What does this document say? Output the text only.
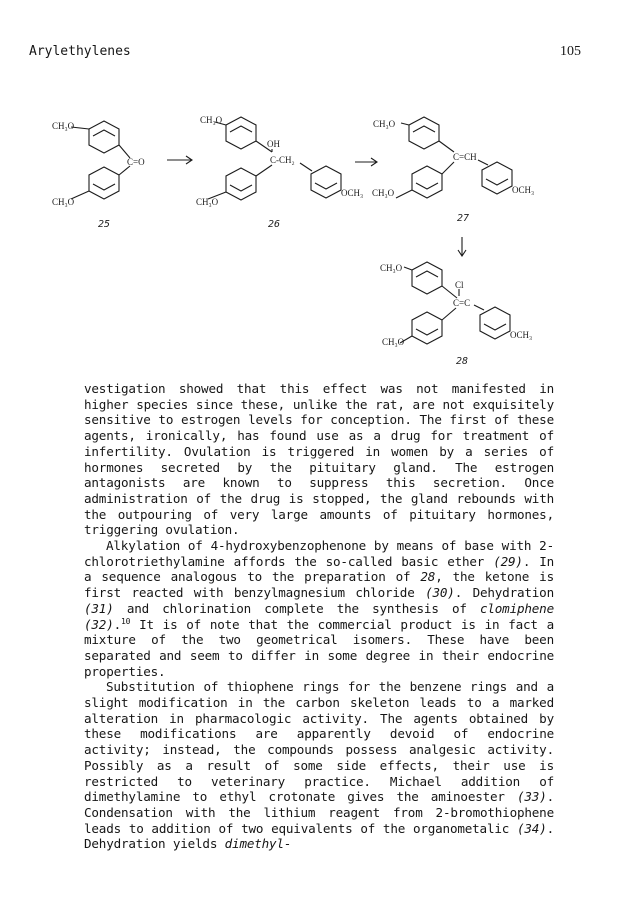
Arylethylenes	105
CH₃O
C=O
CH₃O
25
CH₃O
OH
C-CH₂
CH₃O
OCH₃
26
CH₃O
C=CH
CH₃O	OCH₃
27
CH₃O
Cl
C=C
CH₃O
OCH₃
28

vestigation showed that this effect was not manifested in higher species since these, unlike the rat, are not exquisitely sensitive to estrogen levels for conception. The first of these agents, ironically, has found use as a drug for treatment of infertility. Ovulation is triggered in women by a series of hormones secreted by the pituitary gland. The estrogen antagonists are known to suppress this secretion. Once administration of the drug is stopped, the gland rebounds with the outpouring of very large amounts of pituitary hormones, triggering ovulation.

Alkylation of 4-hydroxybenzophenone by means of base with 2-chlorotriethylamine affords the so-called basic ether (29). In a sequence analogous to the preparation of 28, the ketone is first reacted with benzylmagnesium chloride (30). Dehydration (31) and chlorination complete the synthesis of clomiphene (32).$^{10}$ It is of note that the commercial product is in fact a mixture of the two geometrical isomers. These have been separated and seem to differ in some degree in their endocrine properties.

Substitution of thiophene rings for the benzene rings and a slight modification in the carbon skeleton leads to a marked alteration in pharmacologic activity. The agents obtained by these modifications are apparently devoid of endocrine activity; instead, the compounds possess analgesic activity. Possibly as a result of some side effects, their use is restricted to veterinary practice. Michael addition of dimethylamine to ethyl crotonate gives the aminoester (33). Condensation with the lithium reagent from 2-bromothiophene leads to addition of two equivalents of the organometalic (34). Dehydration yields dimethyl-
